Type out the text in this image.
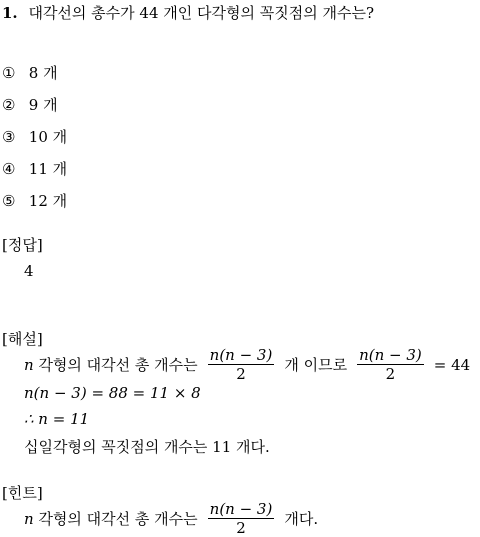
1. 대각선의 총수가 44 개인 다각형의 꼭짓점의 개수는?
① 8 개
② 9 개
③ 10 개
④ 11 개
⑤ 12 개
[정답]
4
[해설]
n 각형의 대각선 총 개수는 $\frac{n(n - 3)}{2}$ 개 이므로 $\frac{n(n - 3)}{2} = 44$
n(n − 3) = 88 = 11 × 8
∴ n = 11
십일각형의 꼭짓점의 개수는 11 개다.
[힌트]
n 각형의 대각선 총 개수는 $\frac{n(n - 3)}{2}$ 개다.
